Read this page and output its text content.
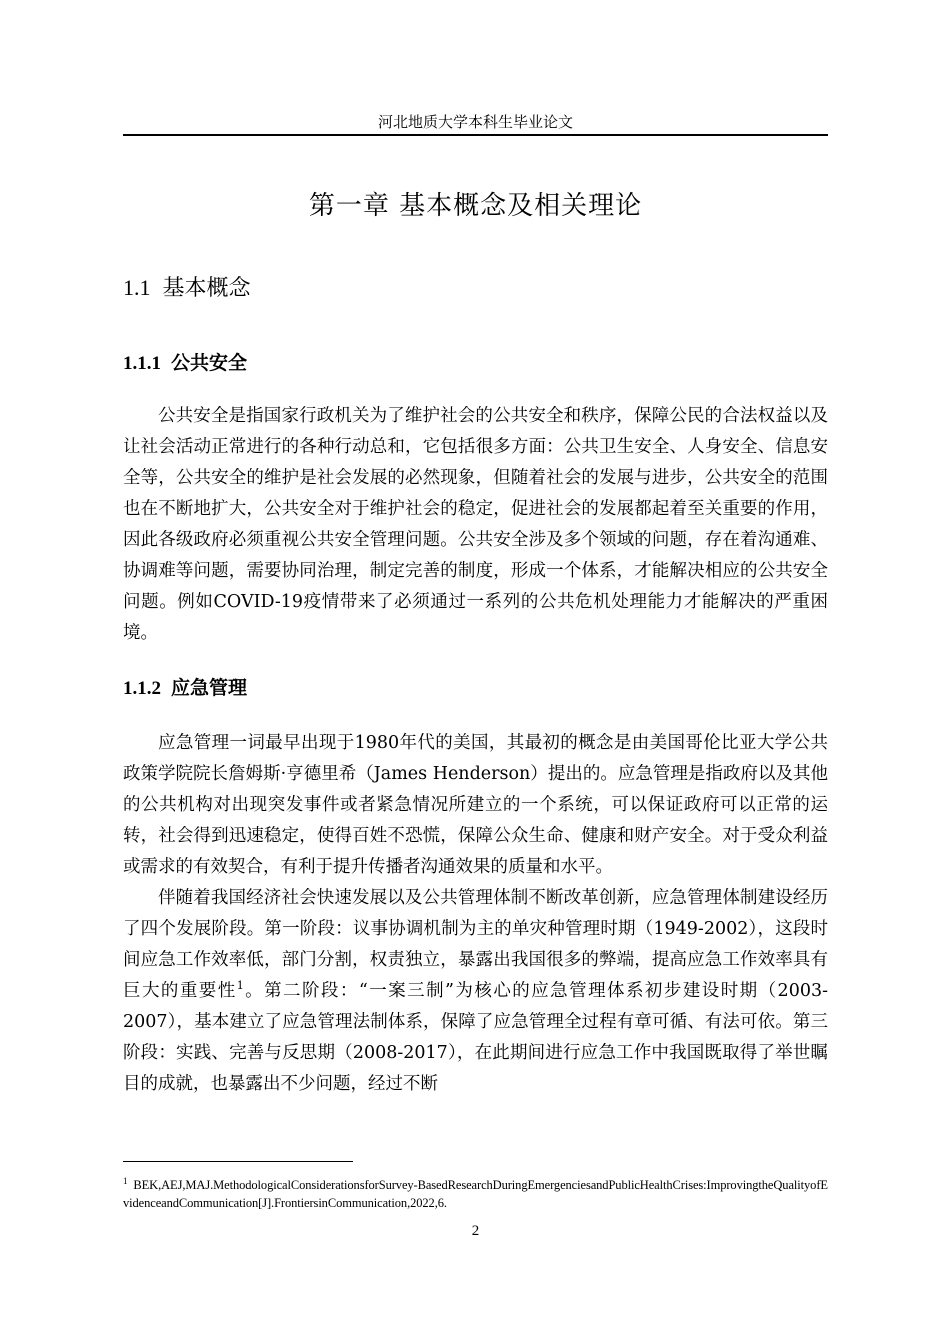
河北地质大学本科生毕业论文
第一章 基本概念及相关理论
1.1 基本概念
1.1.1 公共安全

公共安全是指国家行政机关为了维护社会的公共安全和秩序，保障公民的合法权益以及让社会活动正常进行的各种行动总和，它包括很多方面：公共卫生安全、人身安全、信息安全等，公共安全的维护是社会发展的必然现象，但随着社会的发展与进步，公共安全的范围也在不断地扩大，公共安全对于维护社会的稳定，促进社会的发展都起着至关重要的作用，因此各级政府必须重视公共安全管理问题。公共安全涉及多个领域的问题，存在着沟通难、协调难等问题，需要协同治理，制定完善的制度，形成一个体系，才能解决相应的公共安全问题。例如COVID-19疫情带来了必须通过一系列的公共危机处理能力才能解决的严重困境。

1.1.2 应急管理

应急管理一词最早出现于1980年代的美国，其最初的概念是由美国哥伦比亚大学公共政策学院院长詹姆斯·亨德里希（James Henderson）提出的。应急管理是指政府以及其他的公共机构对出现突发事件或者紧急情况所建立的一个系统，可以保证政府可以正常的运转，社会得到迅速稳定，使得百姓不恐慌，保障公众生命、健康和财产安全。对于受众利益或需求的有效契合，有利于提升传播者沟通效果的质量和水平。

伴随着我国经济社会快速发展以及公共管理体制不断改革创新，应急管理体制建设经历了四个发展阶段。第一阶段：议事协调机制为主的单灾种管理时期（1949-2002），这段时间应急工作效率低，部门分割，权责独立，暴露出我国很多的弊端，提高应急工作效率具有巨大的重要性$^1$。第二阶段：“一案三制”为核心的应急管理体系初步建设时期（2003-2007），基本建立了应急管理法制体系，保障了应急管理全过程有章可循、有法可依。第三阶段：实践、完善与反思期（2008-2017），在此期间进行应急工作中我国既取得了举世瞩目的成就，也暴露出不少问题，经过不断

$^1$ BEK,AEJ,MAJ.MethodologicalConsiderationsforSurvey-BasedResearchDuringEmergenciesandPublicHealthCrises:ImprovingtheQualityofEvidenceandCommunication[J].FrontiersinCommunication,2022,6.
2
